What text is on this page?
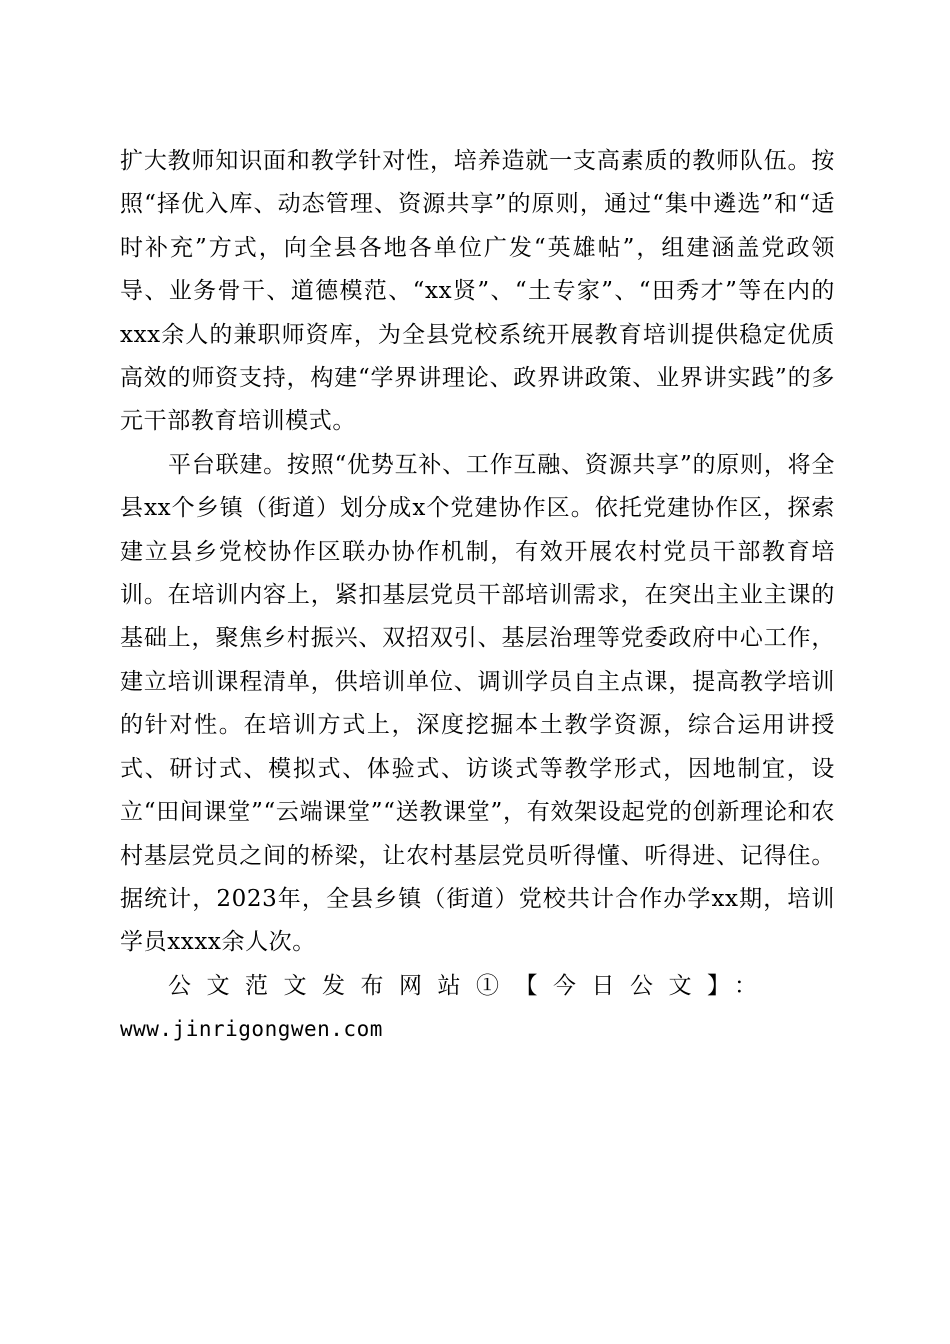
扩大教师知识面和教学针对性，培养造就一支高素质的教师队伍。按照“择优入库、动态管理、资源共享”的原则，通过“集中遴选”和“适时补充”方式，向全县各地各单位广发“英雄帖”，组建涵盖党政领导、业务骨干、道德模范、“xx贤”、“土专家”、“田秀才”等在内的xxx余人的兼职师资库，为全县党校系统开展教育培训提供稳定优质高效的师资支持，构建“学界讲理论、政界讲政策、业界讲实践”的多元干部教育培训模式。

平台联建。按照“优势互补、工作互融、资源共享”的原则，将全县xx个乡镇（街道）划分成x个党建协作区。依托党建协作区，探索建立县乡党校协作区联办协作机制，有效开展农村党员干部教育培训。在培训内容上，紧扣基层党员干部培训需求，在突出主业主课的基础上，聚焦乡村振兴、双招双引、基层治理等党委政府中心工作，建立培训课程清单，供培训单位、调训学员自主点课，提高教学培训的针对性。在培训方式上，深度挖掘本土教学资源，综合运用讲授式、研讨式、模拟式、体验式、访谈式等教学形式，因地制宜，设立“田间课堂”“云端课堂”“送教课堂”，有效架设起党的创新理论和农村基层党员之间的桥梁，让农村基层党员听得懂、听得进、记得住。据统计，2023年，全县乡镇（街道）党校共计合作办学xx期，培训学员xxxx余人次。

公文范文发布网站①【今日公文】：

www.jinrigongwen.com
